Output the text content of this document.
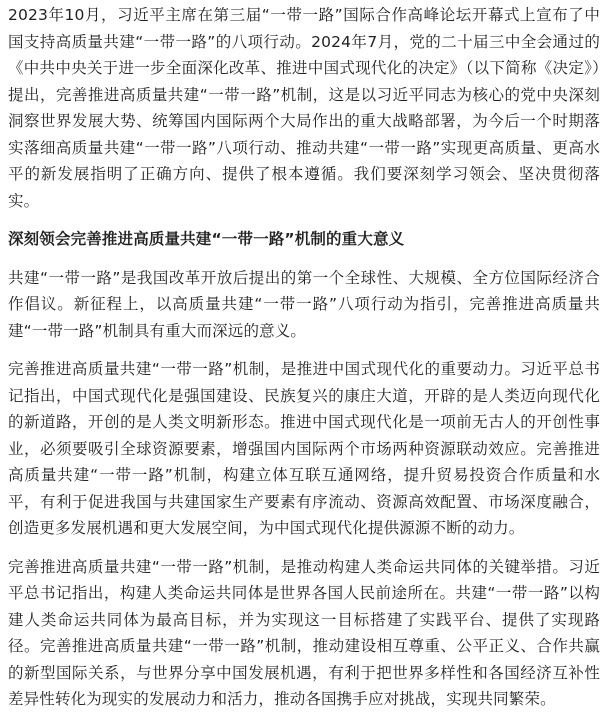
2023年10月，习近平主席在第三届“一带一路”国际合作高峰论坛开幕式上宣布了中国支持高质量共建“一带一路”的八项行动。2024年7月，党的二十届三中全会通过的《中共中央关于进一步全面深化改革、推进中国式现代化的决定》（以下简称《决定》）提出，完善推进高质量共建“一带一路”机制，这是以习近平同志为核心的党中央深刻洞察世界发展大势、统筹国内国际两个大局作出的重大战略部署，为今后一个时期落实落细高质量共建“一带一路”八项行动、推动共建“一带一路”实现更高质量、更高水平的新发展指明了正确方向、提供了根本遵循。我们要深刻学习领会、坚决贯彻落实。

深刻领会完善推进高质量共建“一带一路”机制的重大意义

共建“一带一路”是我国改革开放后提出的第一个全球性、大规模、全方位国际经济合作倡议。新征程上，以高质量共建“一带一路”八项行动为指引，完善推进高质量共建“一带一路”机制具有重大而深远的意义。

完善推进高质量共建“一带一路”机制，是推进中国式现代化的重要动力。习近平总书记指出，中国式现代化是强国建设、民族复兴的康庄大道，开辟的是人类迈向现代化的新道路，开创的是人类文明新形态。推进中国式现代化是一项前无古人的开创性事业，必须要吸引全球资源要素，增强国内国际两个市场两种资源联动效应。完善推进高质量共建“一带一路”机制，构建立体互联互通网络，提升贸易投资合作质量和水平，有利于促进我国与共建国家生产要素有序流动、资源高效配置、市场深度融合，创造更多发展机遇和更大发展空间，为中国式现代化提供源源不断的动力。

完善推进高质量共建“一带一路”机制，是推动构建人类命运共同体的关键举措。习近平总书记指出，构建人类命运共同体是世界各国人民前途所在。共建“一带一路”以构建人类命运共同体为最高目标，并为实现这一目标搭建了实践平台、提供了实现路径。完善推进高质量共建“一带一路”机制，推动建设相互尊重、公平正义、合作共赢的新型国际关系，与世界分享中国发展机遇，有利于把世界多样性和各国经济互补性差异性转化为现实的发展动力和活力，推动各国携手应对挑战，实现共同繁荣。
